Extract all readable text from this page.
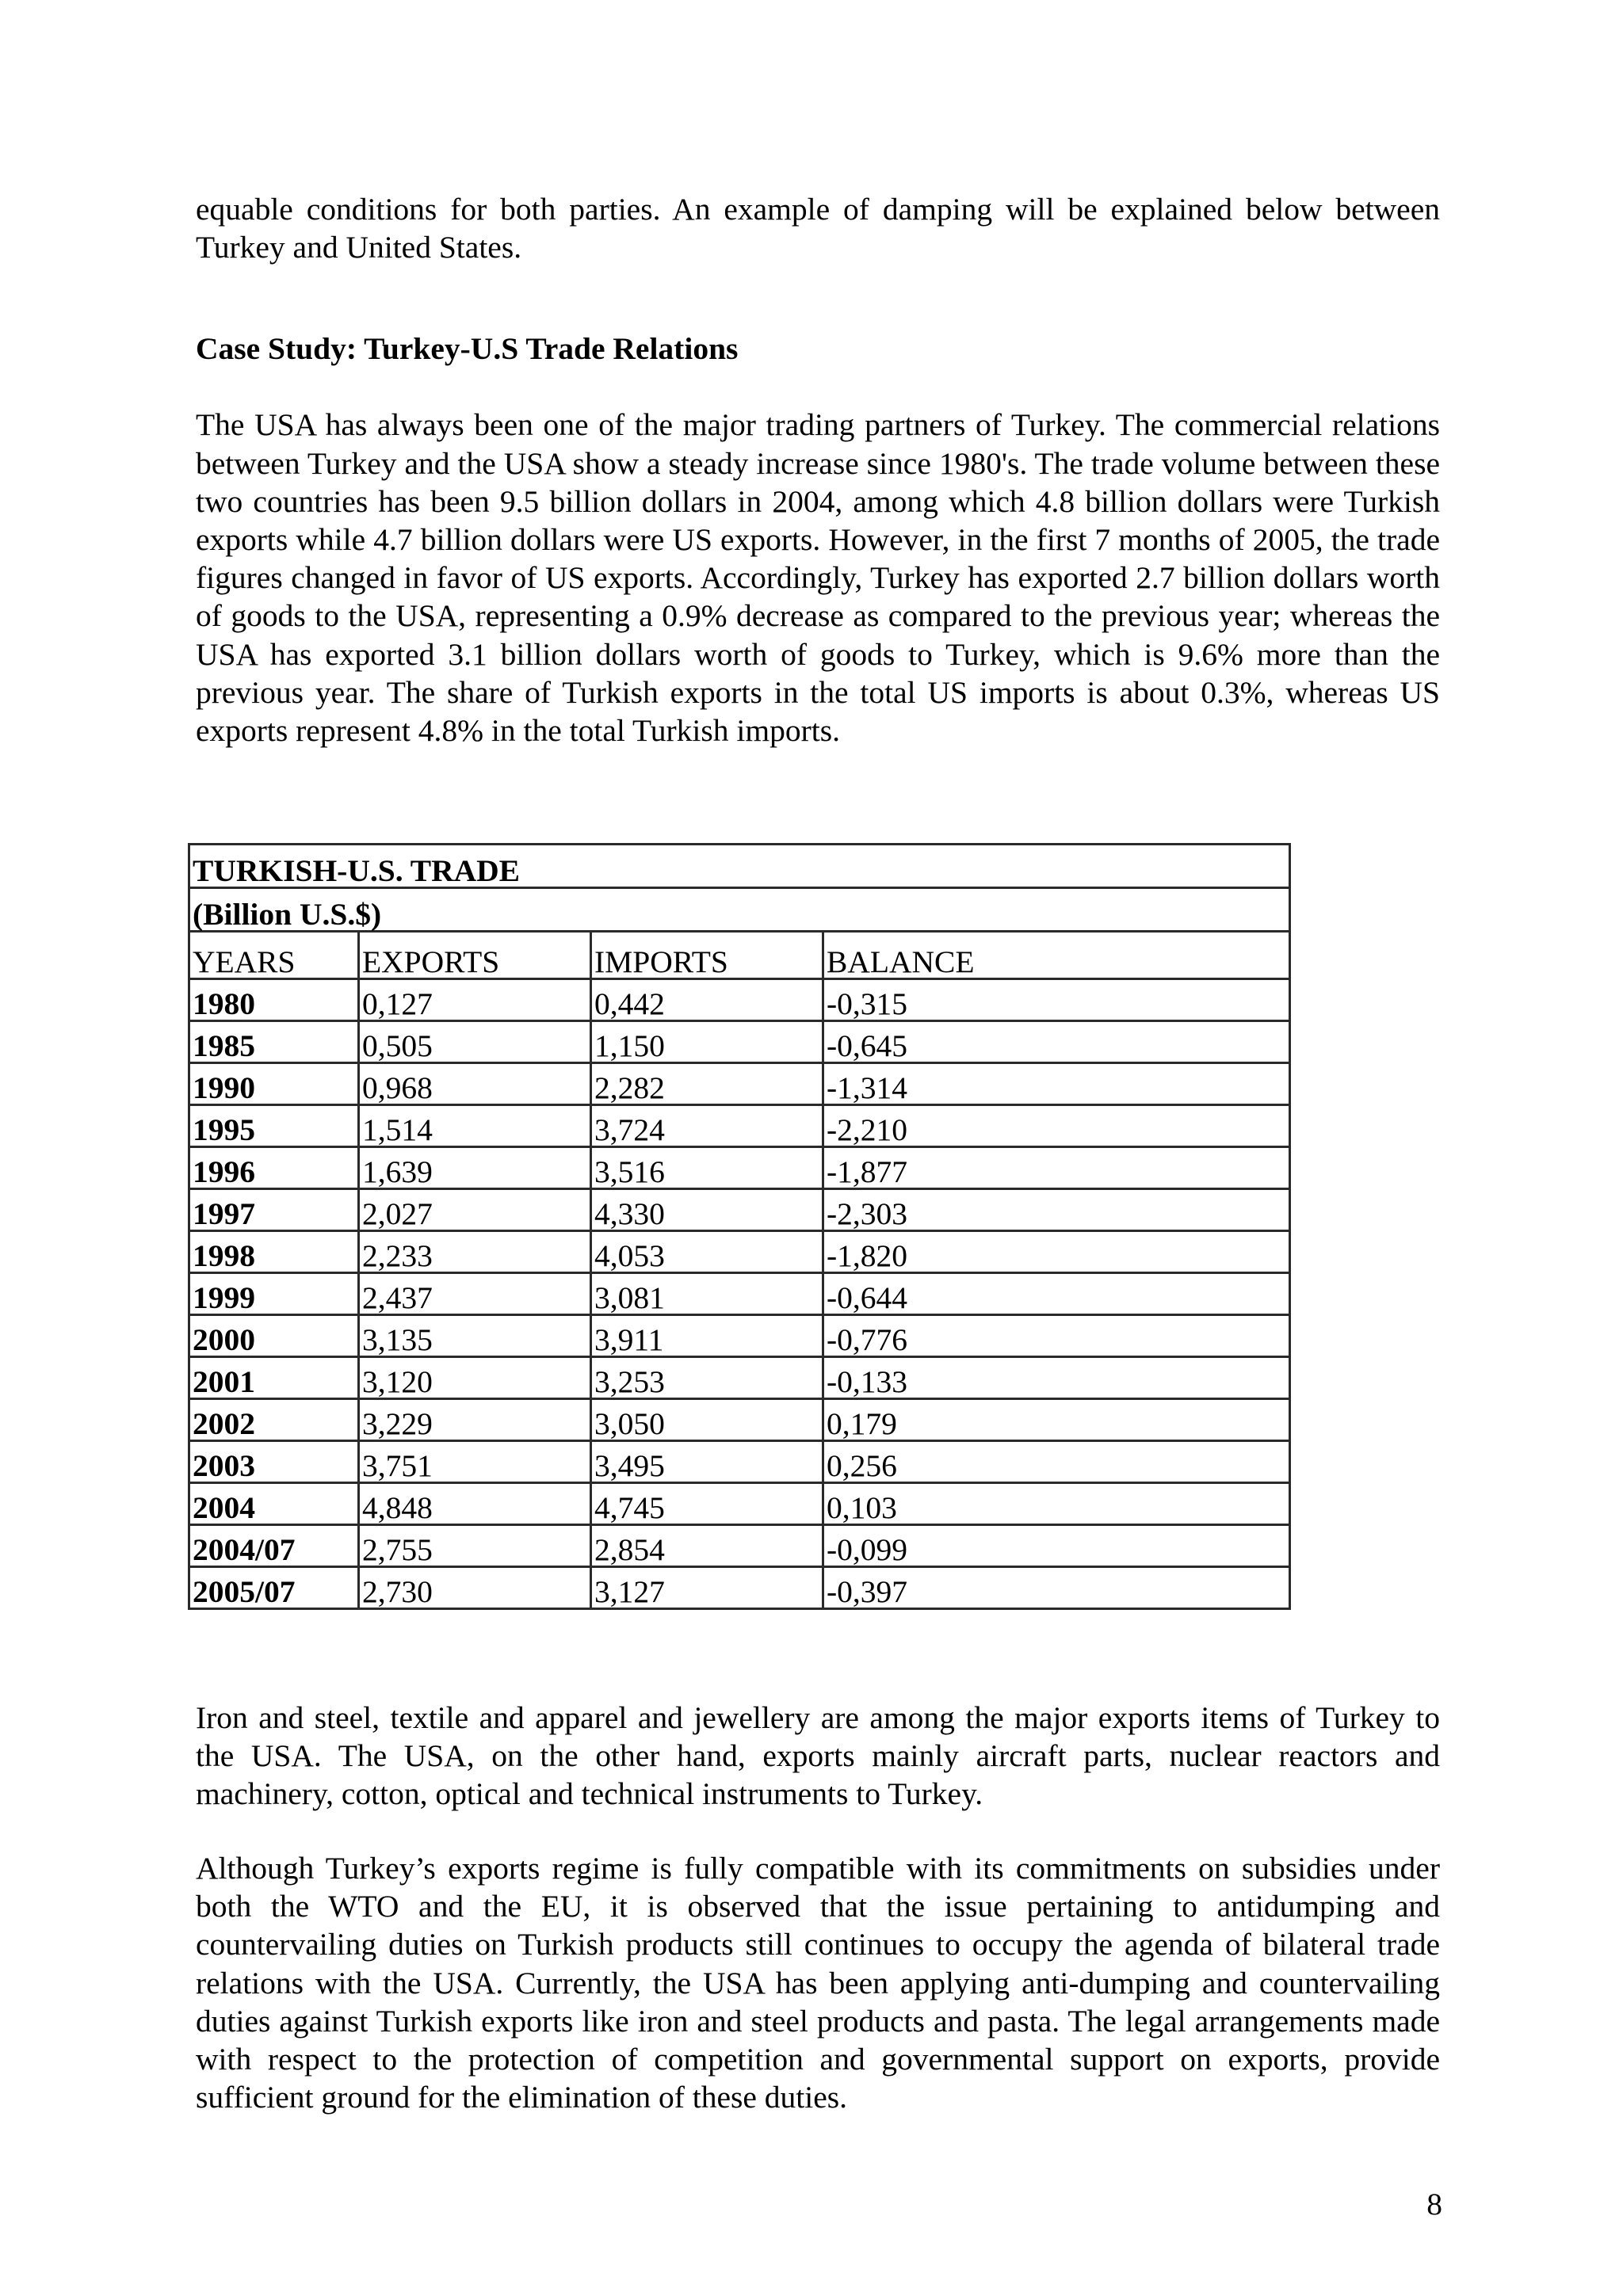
equable conditions for both parties. An example of damping will be explained below between Turkey and United States.

Case Study: Turkey-U.S Trade Relations

The USA has always been one of the major trading partners of Turkey. The commercial relations between Turkey and the USA show a steady increase since 1980's. The trade volume between these two countries has been 9.5 billion dollars in 2004, among which 4.8 billion dollars were Turkish exports while 4.7 billion dollars were US exports. However, in the first 7 months of 2005, the trade figures changed in favor of US exports. Accordingly, Turkey has exported 2.7 billion dollars worth of goods to the USA, representing a 0.9% decrease as compared to the previous year; whereas the USA has exported 3.1 billion dollars worth of goods to Turkey, which is 9.6% more than the previous year. The share of Turkish exports in the total US imports is about 0.3%, whereas US exports represent 4.8% in the total Turkish imports.

TURKISH-U.S. TRADE			
(Billion U.S.$)			
YEARS	EXPORTS	IMPORTS	BALANCE
1980	0,127	0,442	-0,315
1985	0,505	1,150	-0,645
1990	0,968	2,282	-1,314
1995	1,514	3,724	-2,210
1996	1,639	3,516	-1,877
1997	2,027	4,330	-2,303
1998	2,233	4,053	-1,820
1999	2,437	3,081	-0,644
2000	3,135	3,911	-0,776
2001	3,120	3,253	-0,133
2002	3,229	3,050	0,179
2003	3,751	3,495	0,256
2004	4,848	4,745	0,103
2004/07	2,755	2,854	-0,099
2005/07	2,730	3,127	-0,397

Iron and steel, textile and apparel and jewellery are among the major exports items of Turkey to the USA. The USA, on the other hand, exports mainly aircraft parts, nuclear reactors and machinery, cotton, optical and technical instruments to Turkey.

Although Turkey’s exports regime is fully compatible with its commitments on subsidies under both the WTO and the EU, it is observed that the issue pertaining to antidumping and countervailing duties on Turkish products still continues to occupy the agenda of bilateral trade relations with the USA. Currently, the USA has been applying anti-dumping and countervailing duties against Turkish exports like iron and steel products and pasta. The legal arrangements made with respect to the protection of competition and governmental support on exports, provide sufficient ground for the elimination of these duties.

8
